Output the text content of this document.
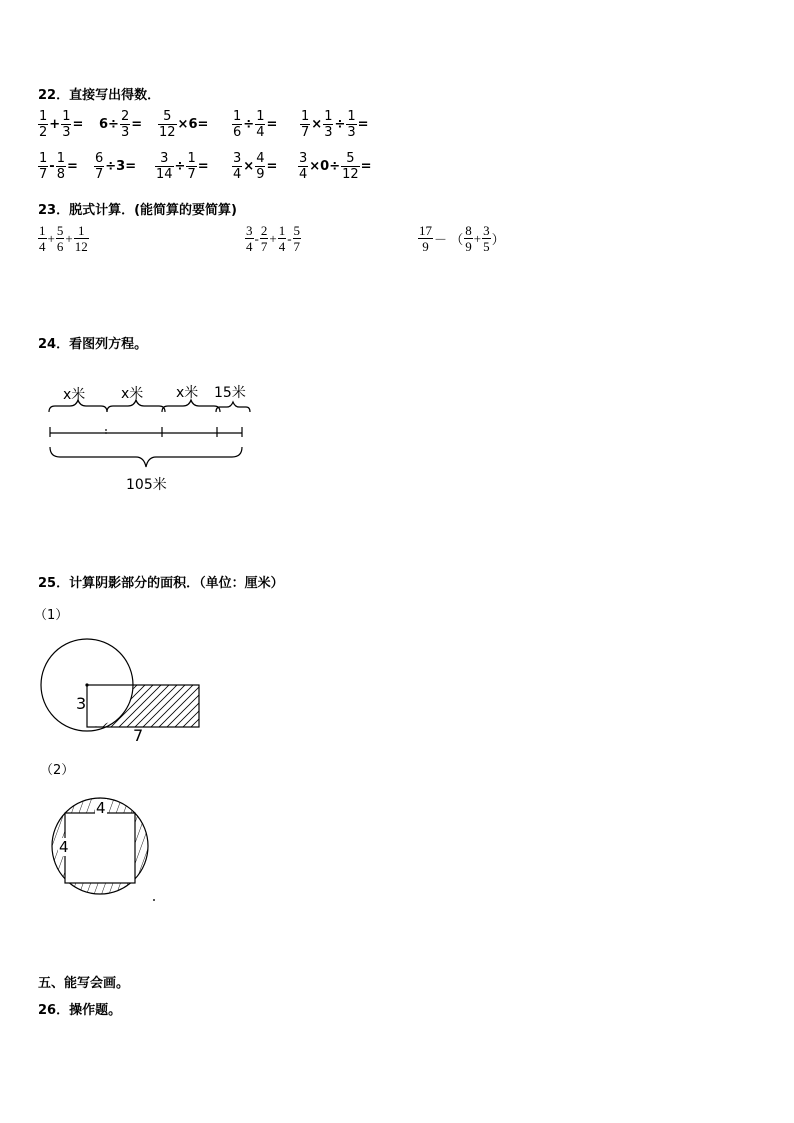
22．直接写出得数．
$\frac{1}{2} + \frac{1}{3} = 6\div \frac{2}{3} = \frac{5}{12} \times 6= \frac{1}{6} \div \frac{1}{4} = \frac{1}{7} \times \frac{1}{3} \div \frac{1}{3}$ =
$\frac{1}{7} - \frac{1}{8} = \frac{6}{7} \div 3= \frac{3}{14} \div \frac{1}{7} = \frac{3}{4} \times \frac{4}{9} = \frac{3}{4} \times 0\div \frac{5}{12}$ =
23．脱式计算．(能简算的要简算)
$\frac{1}{4} + \frac{5}{6} + \frac{1}{12}$	$\frac{3}{4} - \frac{2}{7} + \frac{1}{4} - \frac{5}{7}$	$\frac{17}{9}$ － （ $\frac{8}{9} + \frac{3}{5}$ ）
24．看图列方程。
x米	x米 x米 15米
105米
25．计算阴影部分的面积．（单位：厘米）
（1）
3
7
（2）
4
4
五、能写会画。
26．操作题。
